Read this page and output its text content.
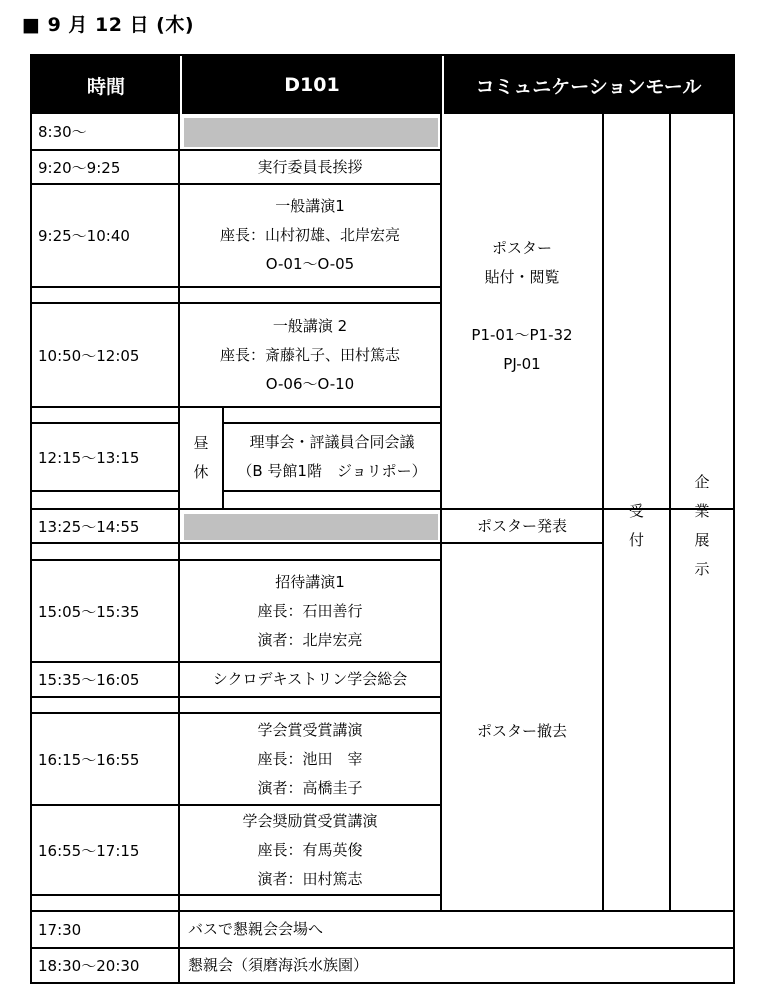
■ 9 月 12 日 (木)
時間	D101	コミュニケーションモール
8:30～
9:20～9:25
9:25～10:40
10:50～12:05
12:15～13:15
13:25～14:55
15:05～15:35
15:35～16:05
16:15～16:55
16:55～17:15
17:30
18:30～20:30
実行委員長挨拶
一般講演1
座長：山村初雄、北岸宏亮
O-01～O-05
一般講演 2
座長：斎藤礼子、田村篤志
O-06～O-10
昼
休
理事会・評議員合同会議
（B 号館1階　ジョリポー）
招待講演1
座長：石田善行
演者：北岸宏亮
シクロデキストリン学会総会
学会賞受賞講演
座長：池田　宰
演者：高橋圭子
学会奨励賞受賞講演
座長：有馬英俊
演者：田村篤志
バスで懇親会会場へ
懇親会（須磨海浜水族園）
ポスター
貼付・閲覧
P1-01～P1-32
PJ-01
ポスター発表
ポスター撤去
受
付
企
業
展
示
